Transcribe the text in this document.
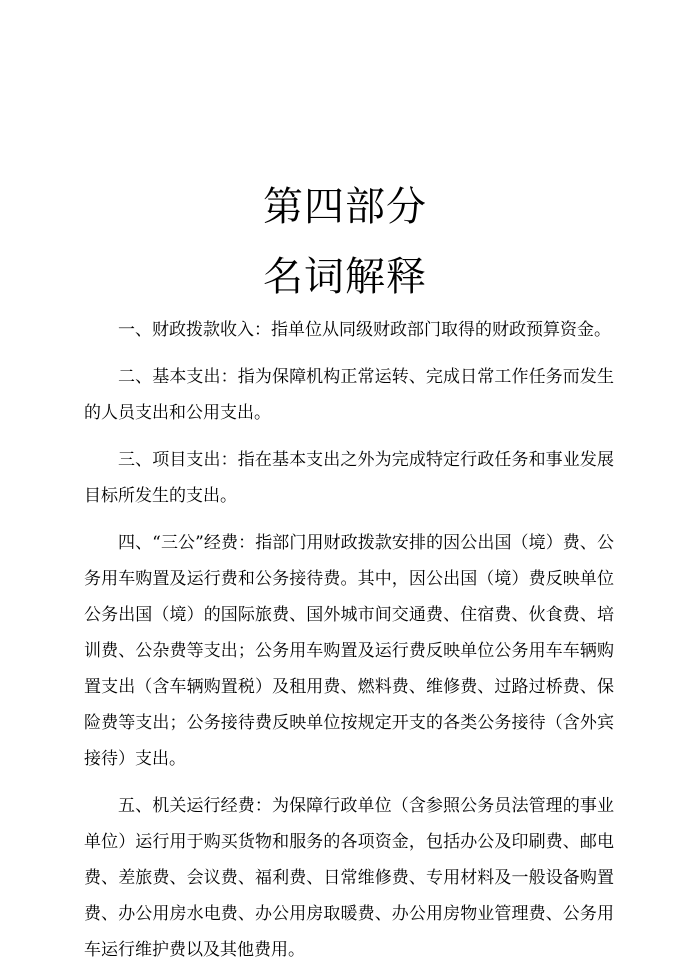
第四部分
名词解释

一、财政拨款收入：指单位从同级财政部门取得的财政预算资金。

二、基本支出：指为保障机构正常运转、完成日常工作任务而发生的人员支出和公用支出。

三、项目支出：指在基本支出之外为完成特定行政任务和事业发展目标所发生的支出。

四、“三公”经费：指部门用财政拨款安排的因公出国（境）费、公务用车购置及运行费和公务接待费。其中，因公出国（境）费反映单位公务出国（境）的国际旅费、国外城市间交通费、住宿费、伙食费、培训费、公杂费等支出；公务用车购置及运行费反映单位公务用车车辆购置支出（含车辆购置税）及租用费、燃料费、维修费、过路过桥费、保险费等支出；公务接待费反映单位按规定开支的各类公务接待（含外宾接待）支出。

五、机关运行经费：为保障行政单位（含参照公务员法管理的事业单位）运行用于购买货物和服务的各项资金，包括办公及印刷费、邮电费、差旅费、会议费、福利费、日常维修费、专用材料及一般设备购置费、办公用房水电费、办公用房取暖费、办公用房物业管理费、公务用车运行维护费以及其他费用。
